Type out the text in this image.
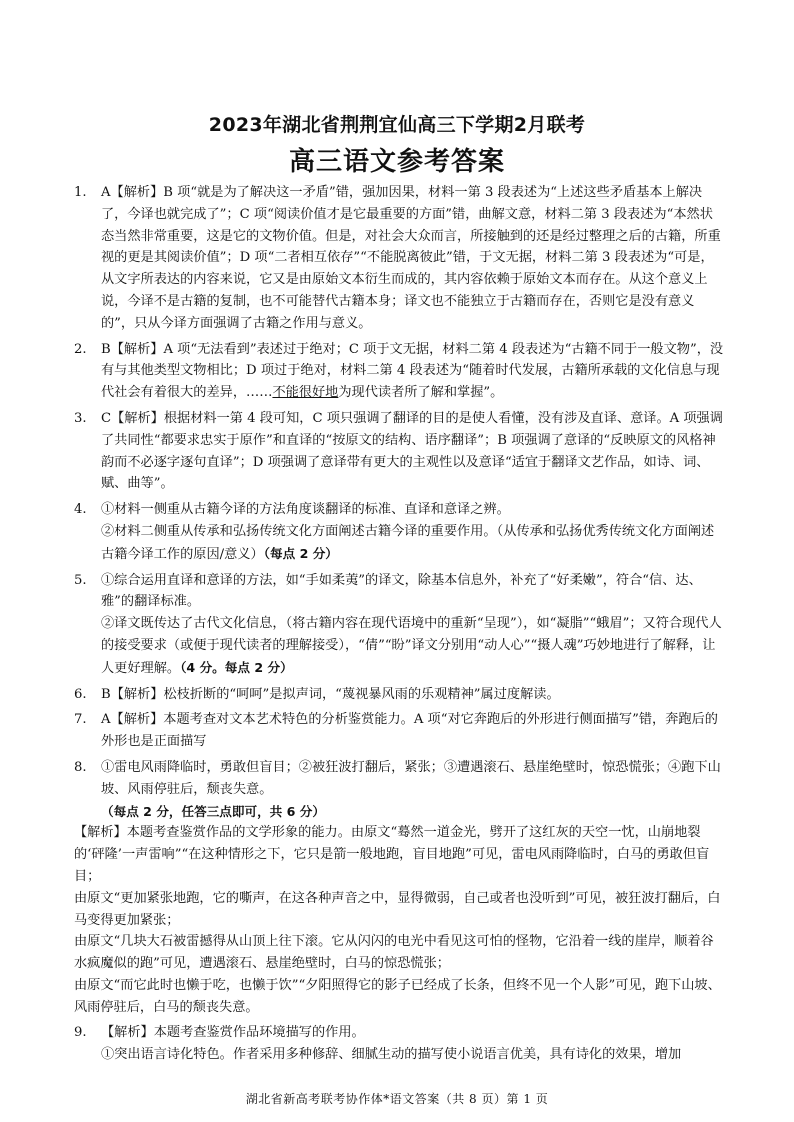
2023年湖北省荆荆宜仙高三下学期2月联考
高三语文参考答案
1.	A【解析】B 项“就是为了解决这一矛盾”错，强加因果，材料一第 3 段表述为“上述这些矛盾基本上解决了，今译也就完成了”；C 项“阅读价值才是它最重要的方面”错，曲解文意，材料二第 3 段表述为“本然状态当然非常重要，这是它的文物价值。但是，对社会大众而言，所接触到的还是经过整理之后的古籍，所重视的更是其阅读价值”；D 项“二者相互依存”“不能脱离彼此”错，于文无据，材料二第 3 段表述为“可是，从文字所表达的内容来说，它又是由原始文本衍生而成的，其内容依赖于原始文本而存在。从这个意义上说，今译不是古籍的复制，也不可能替代古籍本身；译文也不能独立于古籍而存在，否则它是没有意义的”，只从今译方面强调了古籍之作用与意义。

2.	B【解析】A 项“无法看到”表述过于绝对；C 项于文无据，材料二第 4 段表述为“古籍不同于一般文物”，没有与其他类型文物相比；D 项过于绝对，材料二第 4 段表述为“随着时代发展，古籍所承载的文化信息与现代社会有着很大的差异，……不能很好地为现代读者所了解和掌握”。

3.	C【解析】根据材料一第 4 段可知，C 项只强调了翻译的目的是使人看懂，没有涉及直译、意译。A 项强调了共同性“都要求忠实于原作”和直译的“按原文的结构、语序翻译”；B 项强调了意译的“反映原文的风格神韵而不必逐字逐句直译”；D 项强调了意译带有更大的主观性以及意译“适宜于翻译文艺作品，如诗、词、赋、曲等”。

4.	①材料一侧重从古籍今译的方法角度谈翻译的标准、直译和意译之辨。

②材料二侧重从传承和弘扬传统文化方面阐述古籍今译的重要作用。（从传承和弘扬优秀传统文化方面阐述古籍今译工作的原因/意义）（每点 2 分）

5.	①综合运用直译和意译的方法，如“手如柔荑”的译文，除基本信息外，补充了“好柔嫩”，符合“信、达、雅”的翻译标准。

②译文既传达了古代文化信息，（将古籍内容在现代语境中的重新“呈现”），如“凝脂”“蛾眉”；又符合现代人的接受要求（或便于现代读者的理解接受），“倩”“盼”译文分别用“动人心”“摄人魂”巧妙地进行了解释，让人更好理解。（4 分。每点 2 分）

6.	B【解析】松枝折断的“呵呵”是拟声词，“蔑视暴风雨的乐观精神”属过度解读。

7.	A【解析】本题考查对文本艺术特色的分析鉴赏能力。A 项“对它奔跑后的外形进行侧面描写”错，奔跑后的外形也是正面描写

8.	①雷电风雨降临时，勇敢但盲目；②被狂波打翻后，紧张；③遭遇滚石、悬崖绝壁时，惊恐慌张；④跑下山坡、风雨停驻后，颓丧失意。

（每点 2 分，任答三点即可，共 6 分）

【解析】本题考查鉴赏作品的文学形象的能力。由原文“蓦然一道金光，劈开了这红灰的天空一忱，山崩地裂的‘砰隆’一声雷响”“在这种情形之下，它只是箭一般地跑，盲目地跑”可见，雷电风雨降临时，白马的勇敢但盲目；

由原文“更加紧张地跑，它的嘶声，在这各种声音之中，显得微弱，自己或者也没听到”可见，被狂波打翻后，白马变得更加紧张；

由原文“几块大石被雷撼得从山顶上往下滚。它从闪闪的电光中看见这可怕的怪物，它沿着一线的崖岸，顺着谷水疯魔似的跑”可见，遭遇滚石、悬崖绝壁时，白马的惊恐慌张；

由原文“而它此时也懒于吃，也懒于饮”“夕阳照得它的影子已经成了长条，但终不见一个人影”可见，跑下山坡、风雨停驻后，白马的颓丧失意。

9.	【解析】本题考查鉴赏作品环境描写的作用。

①突出语言诗化特色。作者采用多种修辞、细腻生动的描写使小说语言优美，具有诗化的效果，增加

湖北省新高考联考协作体*语文答案（共 8 页）第 1 页
